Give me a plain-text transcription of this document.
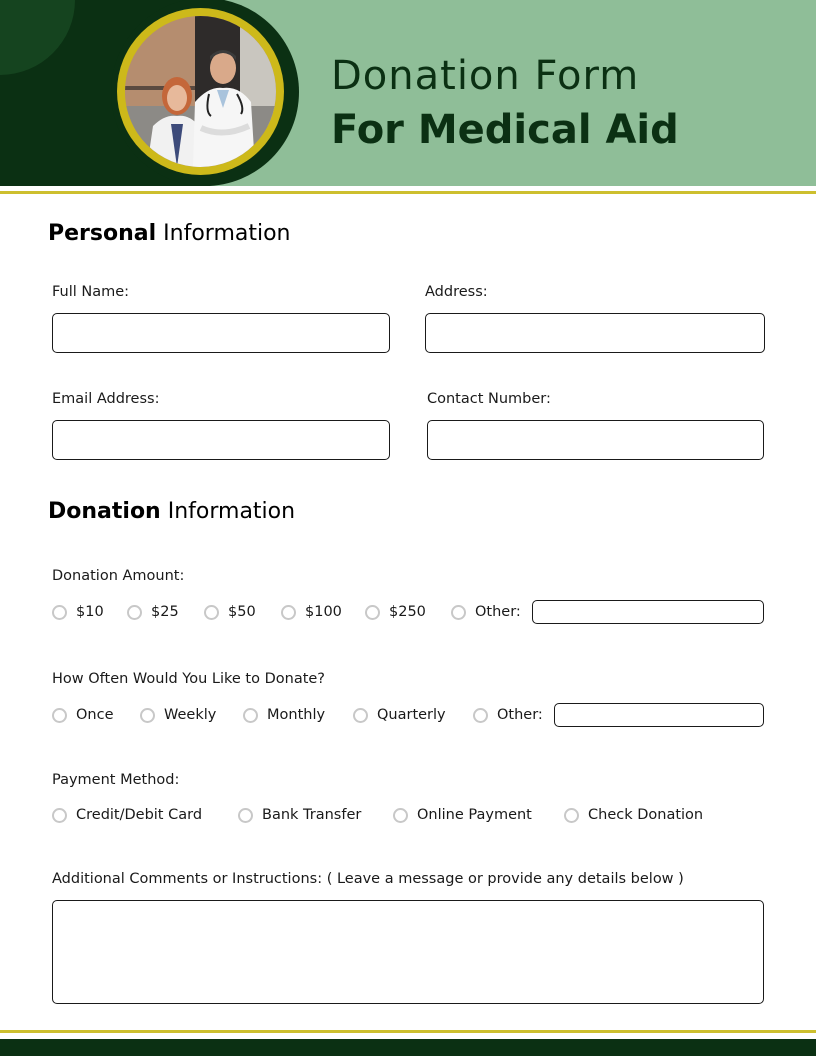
Donation Form
For Medical Aid
Personal Information
Full Name:	Address:
Email Address:	Contact Number:
Donation Information
Donation Amount:
$10	$25	$50	$100	$250	Other:
How Often Would You Like to Donate?
Once	Weekly	Monthly	Quarterly	Other:
Payment Method:
Credit/Debit Card	Bank Transfer	Online Payment	Check Donation
Additional Comments or Instructions: ( Leave a message or provide any details below )
